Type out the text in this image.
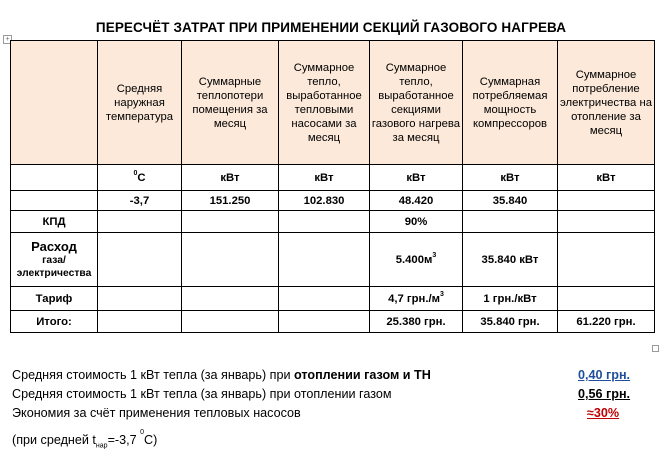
ПЕРЕСЧЁТ ЗАТРАТ ПРИ ПРИМЕНЕНИИ СЕКЦИЙ ГАЗОВОГО НАГРЕВА
+
	Средняя наружная температура	Суммарные теплопотери помещения за месяц	Суммарное тепло, выработанное тепловыми насосами за месяц	Суммарное тепло, выработанное секциями газового нагрева за месяц	Суммарная потребляемая мощность компрессоров	Суммарное потребление электричества на отопление за месяц
	$^0$С	кВт	кВт	кВт	кВт	кВт
	-3,7	151.250	102.830	48.420	35.840	
КПД				90%		

Расход
газа/электричества				$5.400м^3$	35.840 кВт	
Тариф				4,7 $грн./м^3$	1 грн./кВт	
Итого:				25.380 грн.	35.840 грн.	61.220 грн.
Средняя стоимость 1 кВт тепла (за январь) при отоплении газом и ТН	0,40 грн.
Средняя стоимость 1 кВт тепла (за январь) при отоплении газом	0,56 грн.
Экономия за счёт применения тепловых насосов	≈30%
(при средней $t_{нар}=-3,7$ $^0$С)
